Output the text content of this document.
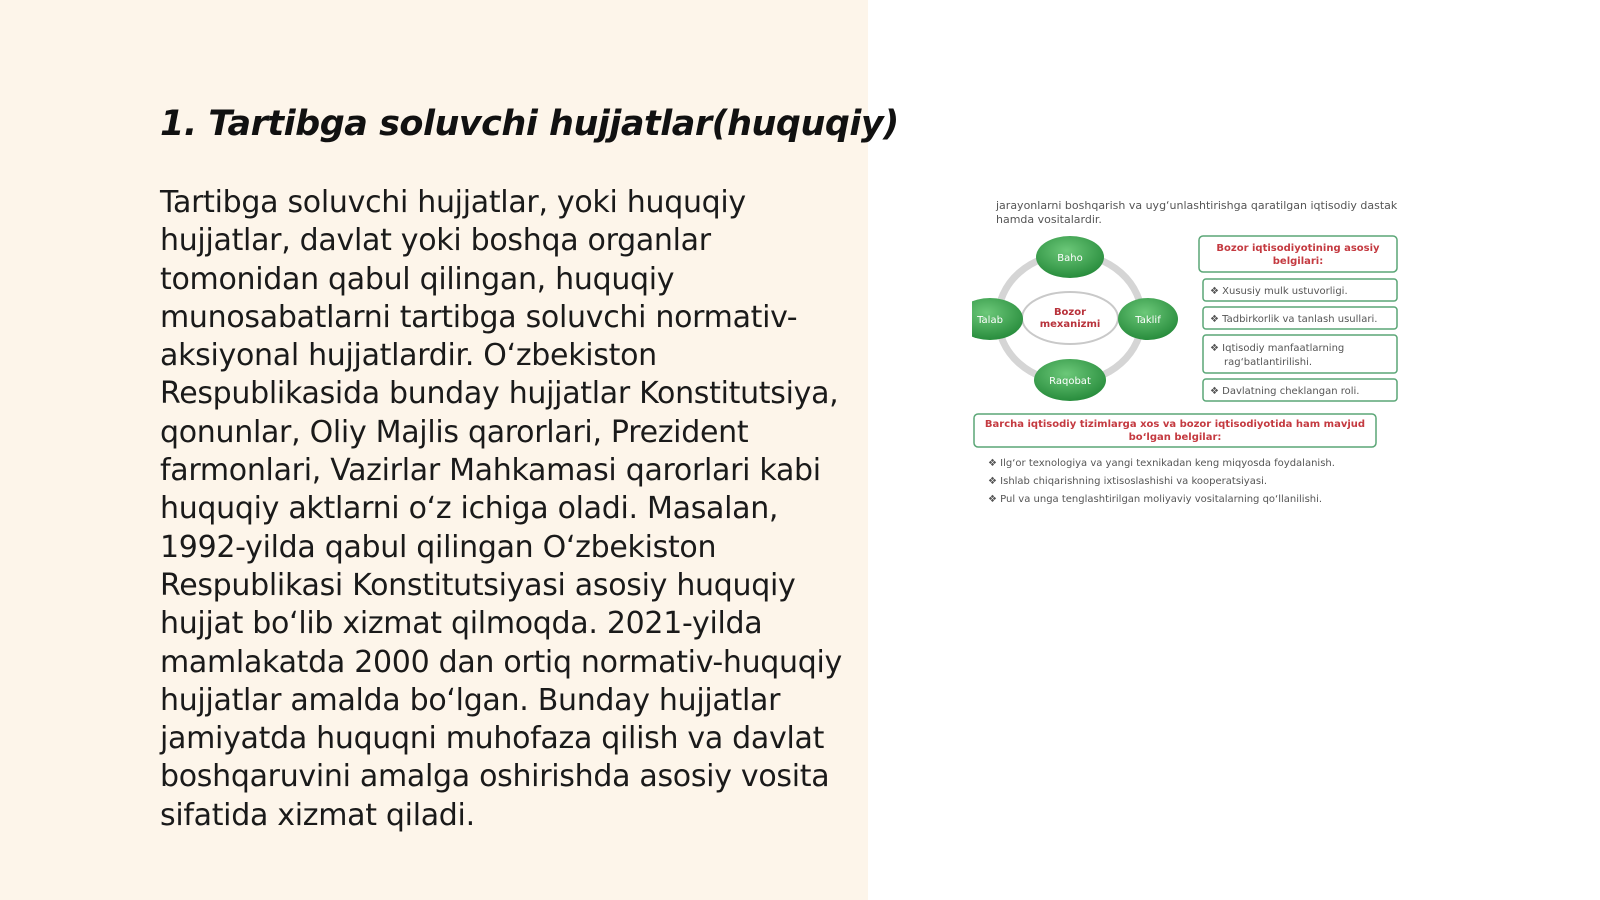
1. Tartibga soluvchi hujjatlar(huquqiy)

Tartibga soluvchi hujjatlar, yoki huquqiy hujjatlar, davlat yoki boshqa organlar tomonidan qabul qilingan, huquqiy munosabatlarni tartibga soluvchi normativ-aksiyonal hujjatlardir. O‘zbekiston Respublikasida bunday hujjatlar Konstitutsiya, qonunlar, Oliy Majlis qarorlari, Prezident farmonlari, Vazirlar Mahkamasi qarorlari kabi huquqiy aktlarni o‘z ichiga oladi. Masalan, 1992-yilda qabul qilingan O‘zbekiston Respublikasi Konstitutsiyasi asosiy huquqiy hujjat bo‘lib xizmat qilmoqda. 2021-yilda mamlakatda 2000 dan ortiq normativ-huquqiy hujjatlar amalda bo‘lgan. Bunday hujjatlar jamiyatda huquqni muhofaza qilish va davlat boshqaruvini amalga oshirishda asosiy vosita sifatida xizmat qiladi.

jarayonlarni boshqarish va uyg‘unlashtirishga qaratilgan iqtisodiy dastak
hamda vositalardir.
Bozor
mexanizmi
Baho
Taklif
Raqobat
Talab
Bozor iqtisodiyotining asosiy
belgilari:
❖ Xususiy mulk ustuvorligi.
❖ Tadbirkorlik va tanlash usullari.
❖ Iqtisodiy manfaatlarning
rag‘batlantirilishi.
❖ Davlatning cheklangan roli.
Barcha iqtisodiy tizimlarga xos va bozor iqtisodiyotida ham mavjud
bo‘lgan belgilar:
❖ Ilg‘or texnologiya va yangi texnikadan keng miqyosda foydalanish.
❖ Ishlab chiqarishning ixtisoslashishi va kooperatsiyasi.
❖ Pul va unga tenglashtirilgan moliyaviy vositalarning qo‘llanilishi.
